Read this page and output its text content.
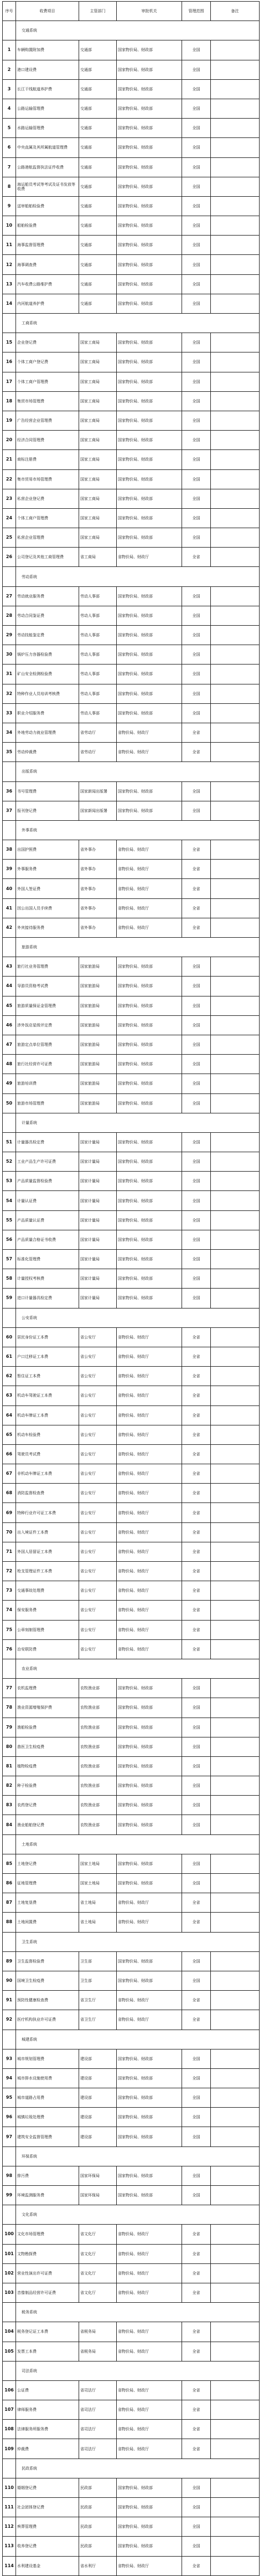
序号	收费项目	主管部门	审批机关	管理范围	备注
	交通系统				
1	车辆购置附加费	交通部	国家物价局、财政部	全国	
2	港口建设费	交通部	国家物价局、财政部	全国	
3	长江干线航道养护费	交通部	国家物价局、财政部	全国	
4	公路运输管理费	交通部	国家物价局、财政部	全国	
5	水路运输管理费	交通部	国家物价局、财政部	全国	
6	中央直属及其所属航道管理费	交通部	国家物价局、财政部	全国	
7	公路港航监督执法证件收费	交通部	国家物价局、财政部	全国	
8	海运船员考试等考试及证书发放等收费	交通部	国家物价局、财政部	全国	
9	送审船舶检验费	交通部	国家物价局、财政部	全国	
10	船舶检验费	交通部	国家物价局、财政部	全国	
11	海事监督管理费	交通部	国家物价局、财政部	全国	
12	海事调查费	交通部	国家物价局、财政部	全国	
13	汽车收费公路维护费	交通部	国家物价局、财政部	全国	
14	内河航道养护费	交通部	国家物价局、财政部	全国	
	工商系统				
15	企业登记费	国家工商局	国家物价局、财政部	全国	
16	个体工商户登记费	国家工商局	国家物价局、财政部	全国	
17	个体工商户管理费	国家工商局	国家物价局、财政部	全国	
18	集贸市场管理费	国家工商局	国家物价局、财政部	全国	
19	广告经营企业管理费	国家工商局	国家物价局、财政部	全国	
20	经济合同管理费	国家工商局	国家物价局、财政部	全国	
21	商标注册费	国家工商局	国家物价局、财政部	全国	
22	集市贸易市场管理费	国家工商局	国家物价局、财政部	全国	
23	私营企业登记费	国家工商局	国家物价局、财政部	全国	
24	个体工商户管理费	国家工商局	国家物价局、财政部	全国	
25	私营企业管理费	国家工商局	国家物价局、财政部	全国	
26	公司登记及其他工商管理费	省工商局	省物价局、财政厅	全省	
	劳动系统				
27	劳动就业服务费	劳动人事部	国家物价局、财政部	全国	
28	劳动合同鉴证费	劳动人事部	国家物价局、财政部	全国	
29	劳动技能鉴定费	劳动人事部	国家物价局、财政部	全国	
30	锅炉压力容器检验费	劳动人事部	国家物价局、财政部	全国	
31	矿山安全检测检验费	劳动人事部	国家物价局、财政部	全国	
32	特种作业人员培训考核费	劳动人事部	国家物价局、财政部	全国	
33	职业介绍服务费	劳动人事部	国家物价局、财政部	全国	
34	外地劳动力就业管理费	省劳动厅	省物价局、财政厅	全省	
35	劳动仲裁费	省劳动厅	省物价局、财政厅	全省	
	出版系统				
36	书号管理费	国家新闻出版署	国家物价局、财政部	全国	
37	报刊登记费	国家新闻出版署	国家物价局、财政部	全国	
	外事系统				
38	出国护照费	省外事办	省物价局、财政厅	全省	
39	外事服务费	省外事办	省物价局、财政厅	全省	
40	外国人签证费	省外事办	省物价局、财政厅	全省	
41	因公出国人员手续费	省外事办	省物价局、财政厅	全省	
42	外宾接待服务费	省外事办	省物价局、财政厅	全省	
	旅游系统				
43	旅行社业务管理费	国家旅游局	国家物价局、财政部	全国	
44	导游员资格考试费	国家旅游局	国家物价局、财政部	全国	
45	旅游质量保证金管理费	国家旅游局	国家物价局、财政部	全国	
46	涉外饭店星级评定费	国家旅游局	国家物价局、财政部	全国	
47	旅游定点单位管理费	国家旅游局	国家物价局、财政部	全国	
48	旅行社经营许可证费	国家旅游局	国家物价局、财政部	全国	
49	旅游培训费	国家旅游局	国家物价局、财政部	全国	
50	旅游市场管理费	国家旅游局	国家物价局、财政部	全国	
	计量系统				
51	计量器具检定费	国家计量局	国家物价局、财政部	全国	
52	工业产品生产许可证费	国家计量局	国家物价局、财政部	全国	
53	产品质量监督检验费	国家计量局	国家物价局、财政部	全国	
54	计量认证费	国家计量局	国家物价局、财政部	全国	
55	产品质量认证费	国家计量局	国家物价局、财政部	全国	
56	产品质量合格证书收费	国家计量局	国家物价局、财政部	全国	
57	标准化管理费	国家计量局	国家物价局、财政部	全国	
58	计量授权考核费	国家计量局	国家物价局、财政部	全国	
59	进口计量器具检定费	国家计量局	国家物价局、财政部	全国	
	公安系统				
60	居民身份证工本费	省公安厅	省物价局、财政厅	全省	
61	户口迁移证工本费	省公安厅	省物价局、财政厅	全省	
62	暂住证工本费	省公安厅	省物价局、财政厅	全省	
63	机动车驾驶证工本费	省公安厅	省物价局、财政厅	全省	
64	机动车牌证工本费	省公安厅	省物价局、财政厅	全省	
65	机动车检验费	省公安厅	省物价局、财政厅	全省	
66	驾驶员考试费	省公安厅	省物价局、财政厅	全省	
67	非机动车牌证工本费	省公安厅	省物价局、财政厅	全省	
68	消防监督检查费	省公安厅	省物价局、财政厅	全省	
69	特种行业许可证工本费	省公安厅	省物价局、财政厅	全省	
70	出入境证件工本费	省公安厅	省物价局、财政厅	全省	
71	外国人居留证工本费	省公安厅	省物价局、财政厅	全省	
72	枪支管理证件工本费	省公安厅	省物价局、财政厅	全省	
73	交通事故处理费	省公安厅	省物价局、财政厅	全省	
74	保安服务费	省公安厅	省物价局、财政厅	全省	
75	公章刻制管理费	省公安厅	省物价局、财政厅	全省	
76	治安联防费	省公安厅	省物价局、财政厅	全省	
	农业系统				
77	农机监理费	农牧渔业部	国家物价局、财政部	全国	
78	渔业资源增殖保护费	农牧渔业部	国家物价局、财政部	全国	
79	渔船检验费	农牧渔业部	国家物价局、财政部	全国	
80	兽医卫生检疫费	农牧渔业部	国家物价局、财政部	全国	
81	植物检疫费	农牧渔业部	国家物价局、财政部	全国	
82	种子检验费	农牧渔业部	国家物价局、财政部	全国	
83	农药登记费	农牧渔业部	国家物价局、财政部	全国	
84	渔业船舶登记费	农牧渔业部	国家物价局、财政部	全国	
	土地系统				
85	土地登记费	国家土地局	国家物价局、财政部	全国	
86	征地管理费	国家土地局	国家物价局、财政部	全国	
87	土地复垦费	省土地局	省物价局、财政厅	全省	
88	土地闲置费	省土地局	省物价局、财政厅	全省	
	卫生系统				
89	卫生监督检验费	卫生部	国家物价局、财政部	全国	
90	国境卫生检疫费	卫生部	国家物价局、财政部	全国	
91	预防性健康检查费	省卫生厅	省物价局、财政厅	全省	
92	医疗机构执业许可证费	省卫生厅	省物价局、财政厅	全省	
	城建系统				
93	城市规划管理费	建设部	国家物价局、财政部	全国	
94	城市排水设施使用费	建设部	国家物价局、财政部	全国	
95	城市道路占用费	建设部	国家物价局、财政部	全国	
96	城镇垃圾处理费	建设部	国家物价局、财政部	全国	
97	建筑安全监督管理费	建设部	国家物价局、财政部	全国	
	环保系统				
98	排污费	国家环保局	国家物价局、财政部	全国	
99	环境监测服务费	国家环保局	国家物价局、财政部	全国	
	文化系统				
100	文化市场管理费	省文化厅	省物价局、财政厅	全省	
101	文物勘探费	省文化厅	省物价局、财政厅	全省	
102	营业性演出许可证费	省文化厅	省物价局、财政厅	全省	
103	音像制品经营许可证费	省文化厅	省物价局、财政厅	全省	
	税务系统				
104	税务登记证工本费	省税务局	省物价局、财政厅	全省	
105	发票工本费	省税务局	省物价局、财政厅	全省	
	司法系统				
106	公证费	省司法厅	省物价局、财政厅	全省	
107	律师服务费	省司法厅	省物价局、财政厅	全省	
108	法律服务所服务费	省司法厅	省物价局、财政厅	全省	
109	仲裁费	省司法厅	省物价局、财政厅	全省	
	民政系统				
110	婚姻登记费	民政部	国家物价局、财政部	全国	
111	社会团体登记费	民政部	国家物价局、财政部	全国	
112	殡葬管理费	民政部	国家物价局、财政部	全国	
113	收养登记费	民政部	国家物价局、财政部	全国	
114	水利建设基金	省水利厅	省物价局、财政厅	全省	
